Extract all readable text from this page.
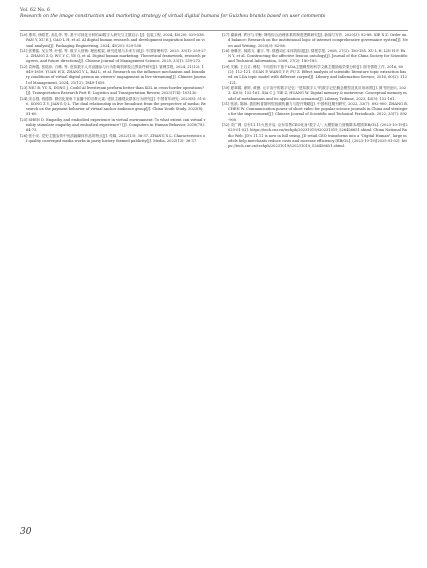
Vol. 62 No. 6
Research on the image construction and marketing strategy of virtual digital humans for Guizhou brands based on user comments

[20] 康邦, 徐昭君, 高礼华, 等. 基于可视化分析的AI数字人研究与文图启示 [J]. 包装工程, 2024, 45(20): 529-538. PAN Y, XU E J, GAO L H, et al. AI digital human research and development inspiration based on visual analysis[J]. Packaging Engineering, 2024, 45(20): 529-538.

[21] 张肇铭, 吴玉琴, 叶强, 等. 数字人营销: 理论框架, 研究进展与未来方向[J]. 中国管理科学, 2025, 33(1): 259-272. ZHANG Z Q, WU Y C, YE Q, et al. Digital human marketing: Theoretical framework, research progress, and future directions[J]. Chinese Journal of Management Science, 2025, 33(1): 259-272.

[22] 袁海霞, 张铭伟, 白琳, 等. 虚拟数字人对直播参与行为影响机制及边界条件研究[J]. 管理学报, 2024, 21(12): 1849-1859. YUAN H X, ZHANG Y L, BAI L, et al. Research on the influence mechanism and boundary conditions of virtual digital person on viewers' engagement in live-streaming[J]. Chinese Journal of Management, 2024, 21(12): 1849-1859.

[23] NIU B, YU X, DONG J. Could AI livestream perform better than KOL in cross-border operations? [J]. Transportation Research Part E: Logistics and Transportation Review, 2023(174): 103130.

[24] 宋志强, 蒋德群. 微信化视角下直播中的宗教元素: 虚拟主播观众群体行为研究[J]. 中国青年研究, 2023(8): 51-60. SONG Z Y, JIANG Q L. The dual relationship in live broadcast from the perspective of media: Research on the payment behavior of virtual anchor audience group[J]. China Youth Study, 2023(8): 51-60.

[25] SHEN D. Empathy and embodied experience in virtual environment: To what extent can virtual reality stimulate empathy and embodied experience? [J]. Computers in Human Behavior, 2018(78): 64-73.

[26] 张小应. 党史主题宣传中优质融媒体作品的特点[J]. 传媒, 2022(13): 36-37. ZHANG X L. Characteristics of quality converged media works in party history themed publicity[J]. Media, 2022(13): 36-37.

[27] 谢新洲. 秩序与平衡: 网络综合治理体系的制度逻辑研究[J]. 新闻与写作, 2020(3): 82-88. XIE X Z. Order and balance: Research on the institutional logic of internet comprehensive governance system[J]. News and Writing, 2020(3): 82-88.

[28] 徐琳宏, 林鸿飞, 潘宇, 等. 情感词汇本体的构造[J]. 情报学报, 2008, 27(2): 180-185. XU L H, LIN H F, PAN Y, et al. Constructing the affective lexicon ontology[J]. Journal of the China Society for Scientific and Technical Information, 2008, 27(2): 180-185.

[29] 关鹏, 王曰芬, 傅柱. 不同语料下基于LDA主题模型的科学文献主题抽取效果分析[J]. 图书情报工作, 2016, 60(2): 112-121. GUAN P, WANG Y F, FU Z. Effect analysis of scientific literature topic extraction based on LDA topic model with different corpus[J]. Library and Information Service, 2016, 60(2): 112-121.

[30] 夏翠娟, 唐婷, 黄薇. 元宇宙中的数字记忆: "虚拟数字人"的数字记忆概念模型及其应用场景[J]. 图书馆论坛, 2023, 43(5): 152-161. XIA C J, TIE Z, HUANG W. Digital memory & metaverse: Conceptual memory model of metahumans and its application scenarios[J]. Library Tribune, 2023, 43(5): 152-161.

[31] 张滨, 陈旸. 我国科普期刊短视频传播力与提升策略[J]. 中国科技期刊研究, 2022, 33(7): 892-900. ZHANG B, CHEN W. Communication power of short video for popular science journals in China and strategies for the improvement[J]. Chinese Journal of Scientific and Technical Periodicals, 2022, 33(7): 892-900.

[32] 央广网. 京东11.11火热开启, 京东零售CEO化身"数字人", 大模型助力营销降本增效[EB/OL]. (2023-10-19)[2025-01-02]. https://tech.cnr.cn/techph/20231019/t20231019_526456651.shtml. China National Radio Web. JD's 11.11 is now in full swing, JD retail CEO transforms into a "Digital Human", large models help merchants reduce costs and increase efficiency [EB/OL]. (2023-10-19)[2025-01-02]. https://tech.cnr.cn/techph/20231019/t20231019_526456651.shtml.

30
